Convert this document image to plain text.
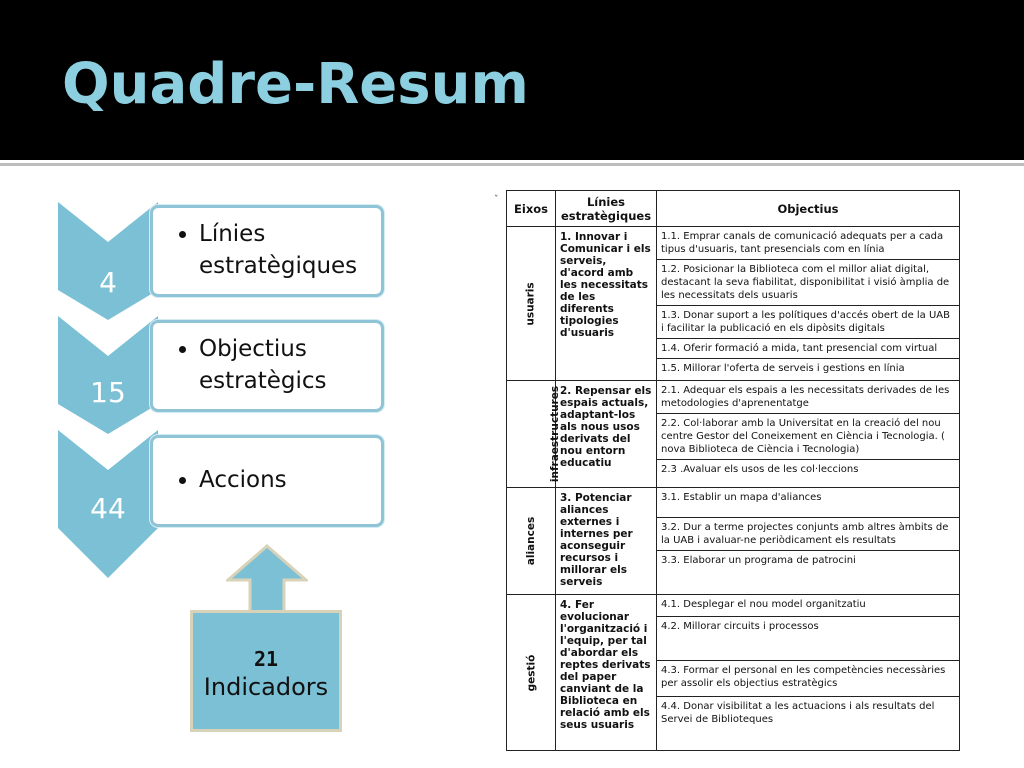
Quadre-Resum
4
• Línies estratègiques
15
• Objectius estratègics
44
• Accions
21
Indicadors
ˇ
Eixos	Línies estratègiques	Objectius
usuaris	1. Innovar i Comunicar i els serveis, d'acord amb les necessitats de les diferents tipologies d'usuaris	1.1. Emprar canals de comunicació adequats per a cada tipus d'usuaris, tant presencials com en línia
		1.2. Posicionar la Biblioteca com el millor aliat digital, destacant la seva fiabilitat, disponibilitat i visió àmplia de les necessitats dels usuaris
		1.3. Donar suport a les polítiques d'accés obert de la UAB i facilitar la publicació en els dipòsits digitals
		1.4. Oferir formació a mida, tant presencial com virtual
		1.5. Millorar l'oferta de serveis i gestions en línia
infraestructures	2. Repensar els espais actuals, adaptant-los als nous usos derivats del nou entorn educatiu	2.1. Adequar els espais a les necessitats derivades de les metodologies d'aprenentatge
		2.2. Col·laborar amb la Universitat en la creació del nou centre Gestor del Coneixement en Ciència i Tecnologia. ( nova Biblioteca de Ciència i Tecnologia)
		2.3 .Avaluar els usos de les col·leccions
aliances	3. Potenciar aliances externes i internes per aconseguir recursos i millorar els serveis	3.1. Establir un mapa d'aliances
		3.2. Dur a terme projectes conjunts amb altres àmbits de la UAB i avaluar-ne periòdicament els resultats
		3.3. Elaborar un programa de patrocini
gestió	4. Fer evolucionar l'organització i l'equip, per tal d'abordar els reptes derivats del paper canviant de la Biblioteca en relació amb els seus usuaris	4.1. Desplegar el nou model organitzatiu
		4.2. Millorar circuits i processos
		4.3. Formar el personal en les competències necessàries per assolir els objectius estratègics
		4.4. Donar visibilitat a les actuacions i als resultats del Servei de Biblioteques
